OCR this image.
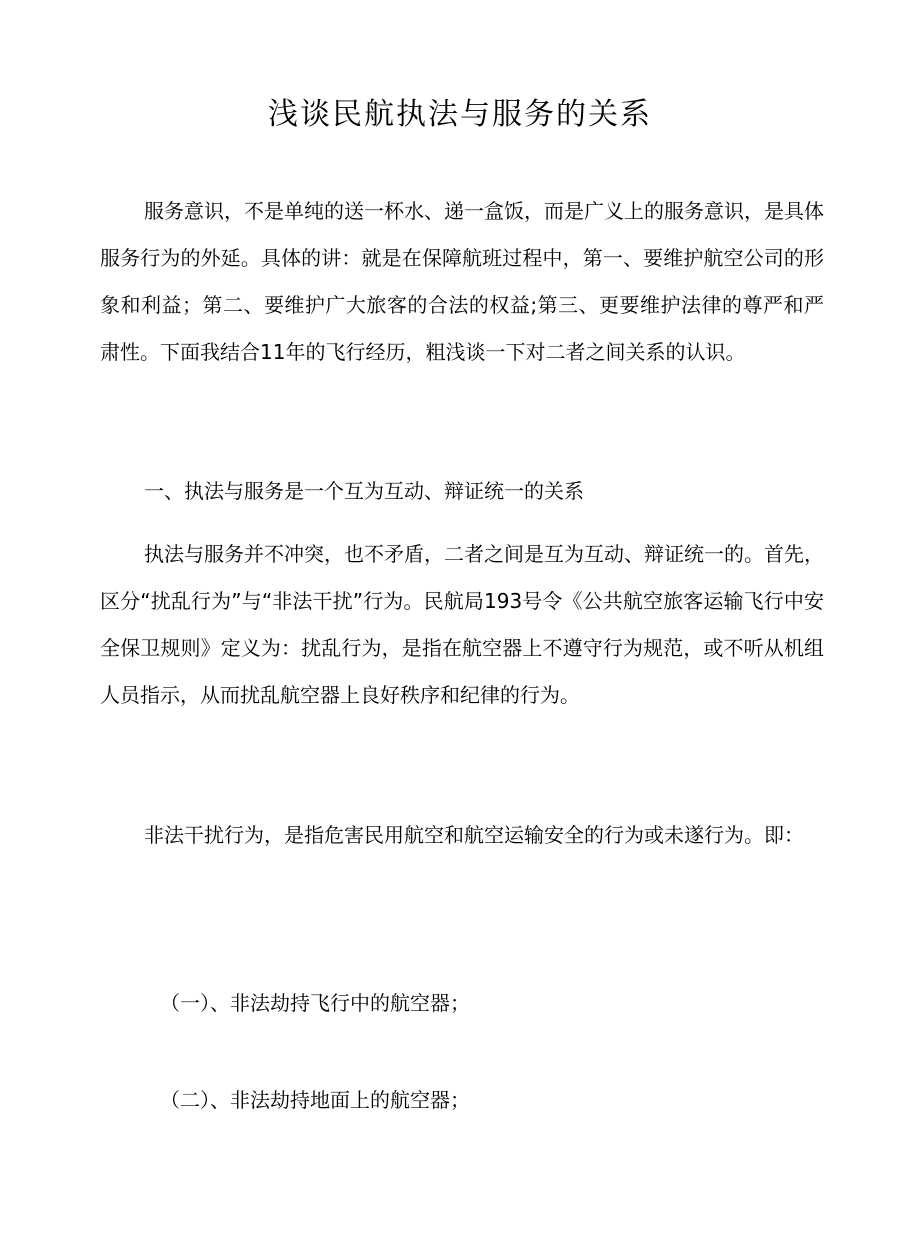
浅谈民航执法与服务的关系
服务意识，不是单纯的送一杯水、递一盒饭，而是广义上的服务意识，是具体服务行为的外延。具体的讲：就是在保障航班过程中，第一、要维护航空公司的形象和利益；第二、要维护广大旅客的合法的权益;第三、更要维护法律的尊严和严肃性。下面我结合11年的飞行经历，粗浅谈一下对二者之间关系的认识。
一、执法与服务是一个互为互动、辩证统一的关系
执法与服务并不冲突，也不矛盾，二者之间是互为互动、辩证统一的。首先，区分“扰乱行为”与“非法干扰”行为。民航局193号令《公共航空旅客运输飞行中安全保卫规则》定义为：扰乱行为，是指在航空器上不遵守行为规范，或不听从机组人员指示，从而扰乱航空器上良好秩序和纪律的行为。
非法干扰行为，是指危害民用航空和航空运输安全的行为或未遂行为。即：
（一）、非法劫持飞行中的航空器；
（二）、非法劫持地面上的航空器；
